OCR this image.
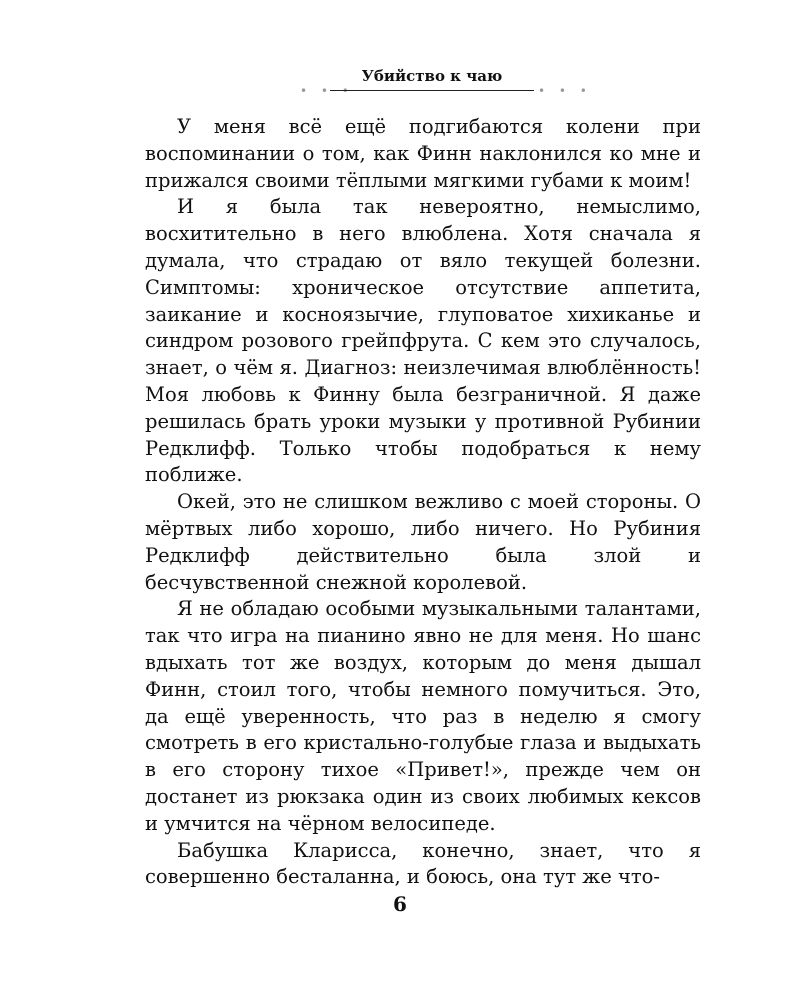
• • •
Убийство к чаю
• • •

У меня всё ещё подгибаются колени при воспоминании о том, как Финн наклонился ко мне и прижался своими тёплыми мягкими губами к моим!

И я была так невероятно, немыслимо, восхитительно в него влюблена. Хотя сначала я думала, что страдаю от вяло текущей болезни. Симптомы: хроническое отсутствие аппетита, заикание и косноязычие, глуповатое хихиканье и синдром розового грейпфрута. С кем это случалось, знает, о чём я. Диагноз: неизлечимая влюблённость! Моя любовь к Финну была безграничной. Я даже решилась брать уроки музыки у противной Рубинии Редклифф. Только чтобы подобраться к нему поближе.

Окей, это не слишком вежливо с моей стороны. О мёртвых либо хорошо, либо ничего. Но Рубиния Редклифф действительно была злой и бесчувственной снежной королевой.

Я не обладаю особыми музыкальными талантами, так что игра на пианино явно не для меня. Но шанс вдыхать тот же воздух, которым до меня дышал Финн, стоил того, чтобы немного помучиться. Это, да ещё уверенность, что раз в неделю я смогу смотреть в его кристально-голубые глаза и выдыхать в его сторону тихое «Привет!», прежде чем он достанет из рюкзака один из своих любимых кексов и умчится на чёрном велосипеде.

Бабушка Кларисса, конечно, знает, что я совершенно бесталанна, и боюсь, она тут же что-

6
